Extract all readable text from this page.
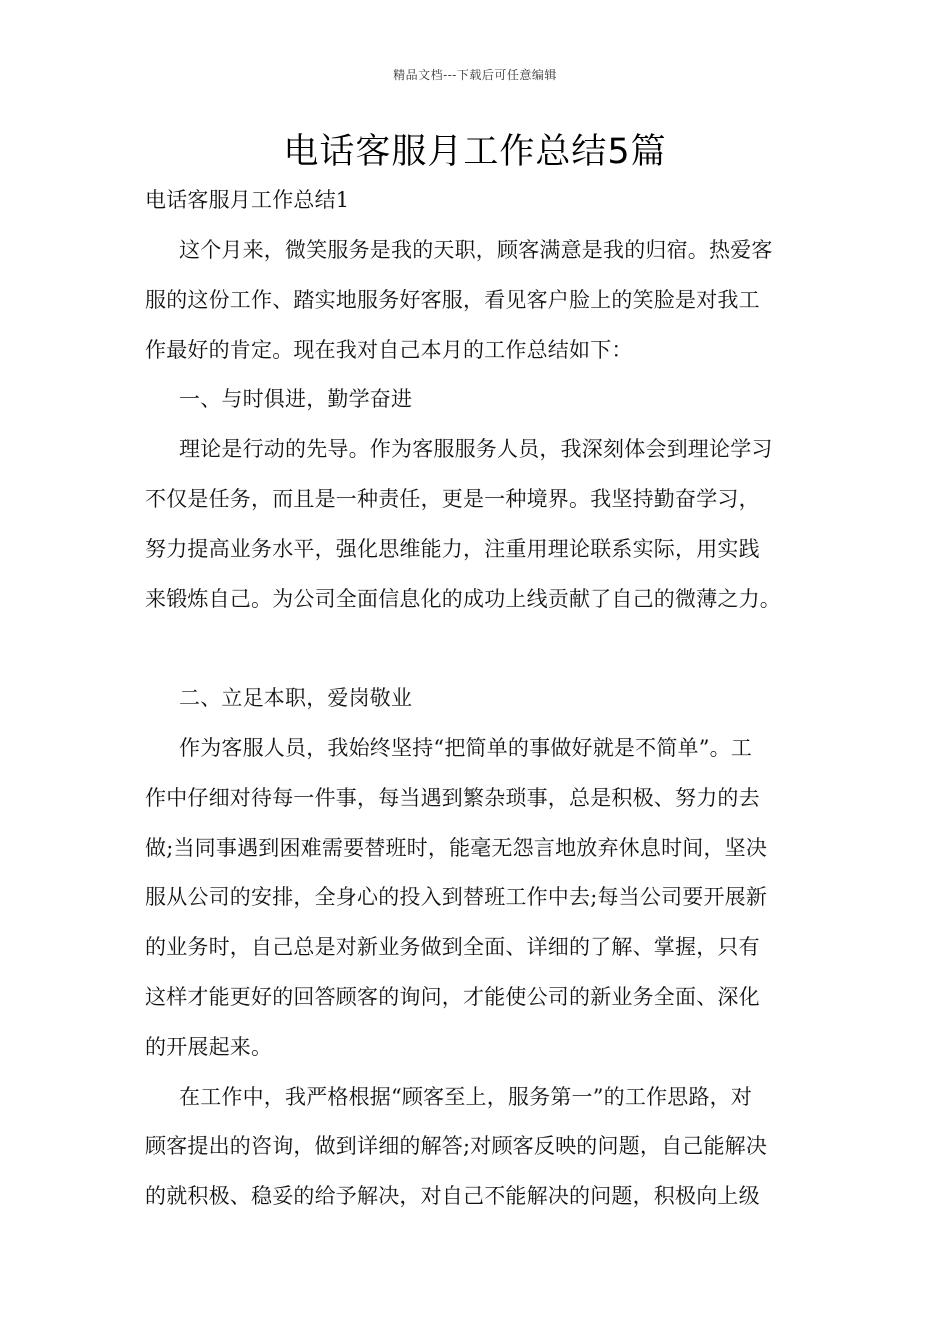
精品文档---下载后可任意编辑
电话客服月工作总结5篇
电话客服月工作总结1
这个月来，微笑服务是我的天职，顾客满意是我的归宿。热爱客
服的这份工作、踏实地服务好客服，看见客户脸上的笑脸是对我工
作最好的肯定。现在我对自己本月的工作总结如下：
一、与时俱进，勤学奋进
理论是行动的先导。作为客服服务人员，我深刻体会到理论学习
不仅是任务，而且是一种责任，更是一种境界。我坚持勤奋学习，
努力提高业务水平，强化思维能力，注重用理论联系实际，用实践
来锻炼自己。为公司全面信息化的成功上线贡献了自己的微薄之力。
二、立足本职，爱岗敬业
作为客服人员，我始终坚持“把简单的事做好就是不简单”。工
作中仔细对待每一件事，每当遇到繁杂琐事，总是积极、努力的去
做;当同事遇到困难需要替班时，能毫无怨言地放弃休息时间，坚决
服从公司的安排，全身心的投入到替班工作中去;每当公司要开展新
的业务时，自己总是对新业务做到全面、详细的了解、掌握，只有
这样才能更好的回答顾客的询问，才能使公司的新业务全面、深化
的开展起来。
在工作中，我严格根据“顾客至上，服务第一”的工作思路，对
顾客提出的咨询，做到详细的解答;对顾客反映的问题，自己能解决
的就积极、稳妥的给予解决，对自己不能解决的问题，积极向上级
